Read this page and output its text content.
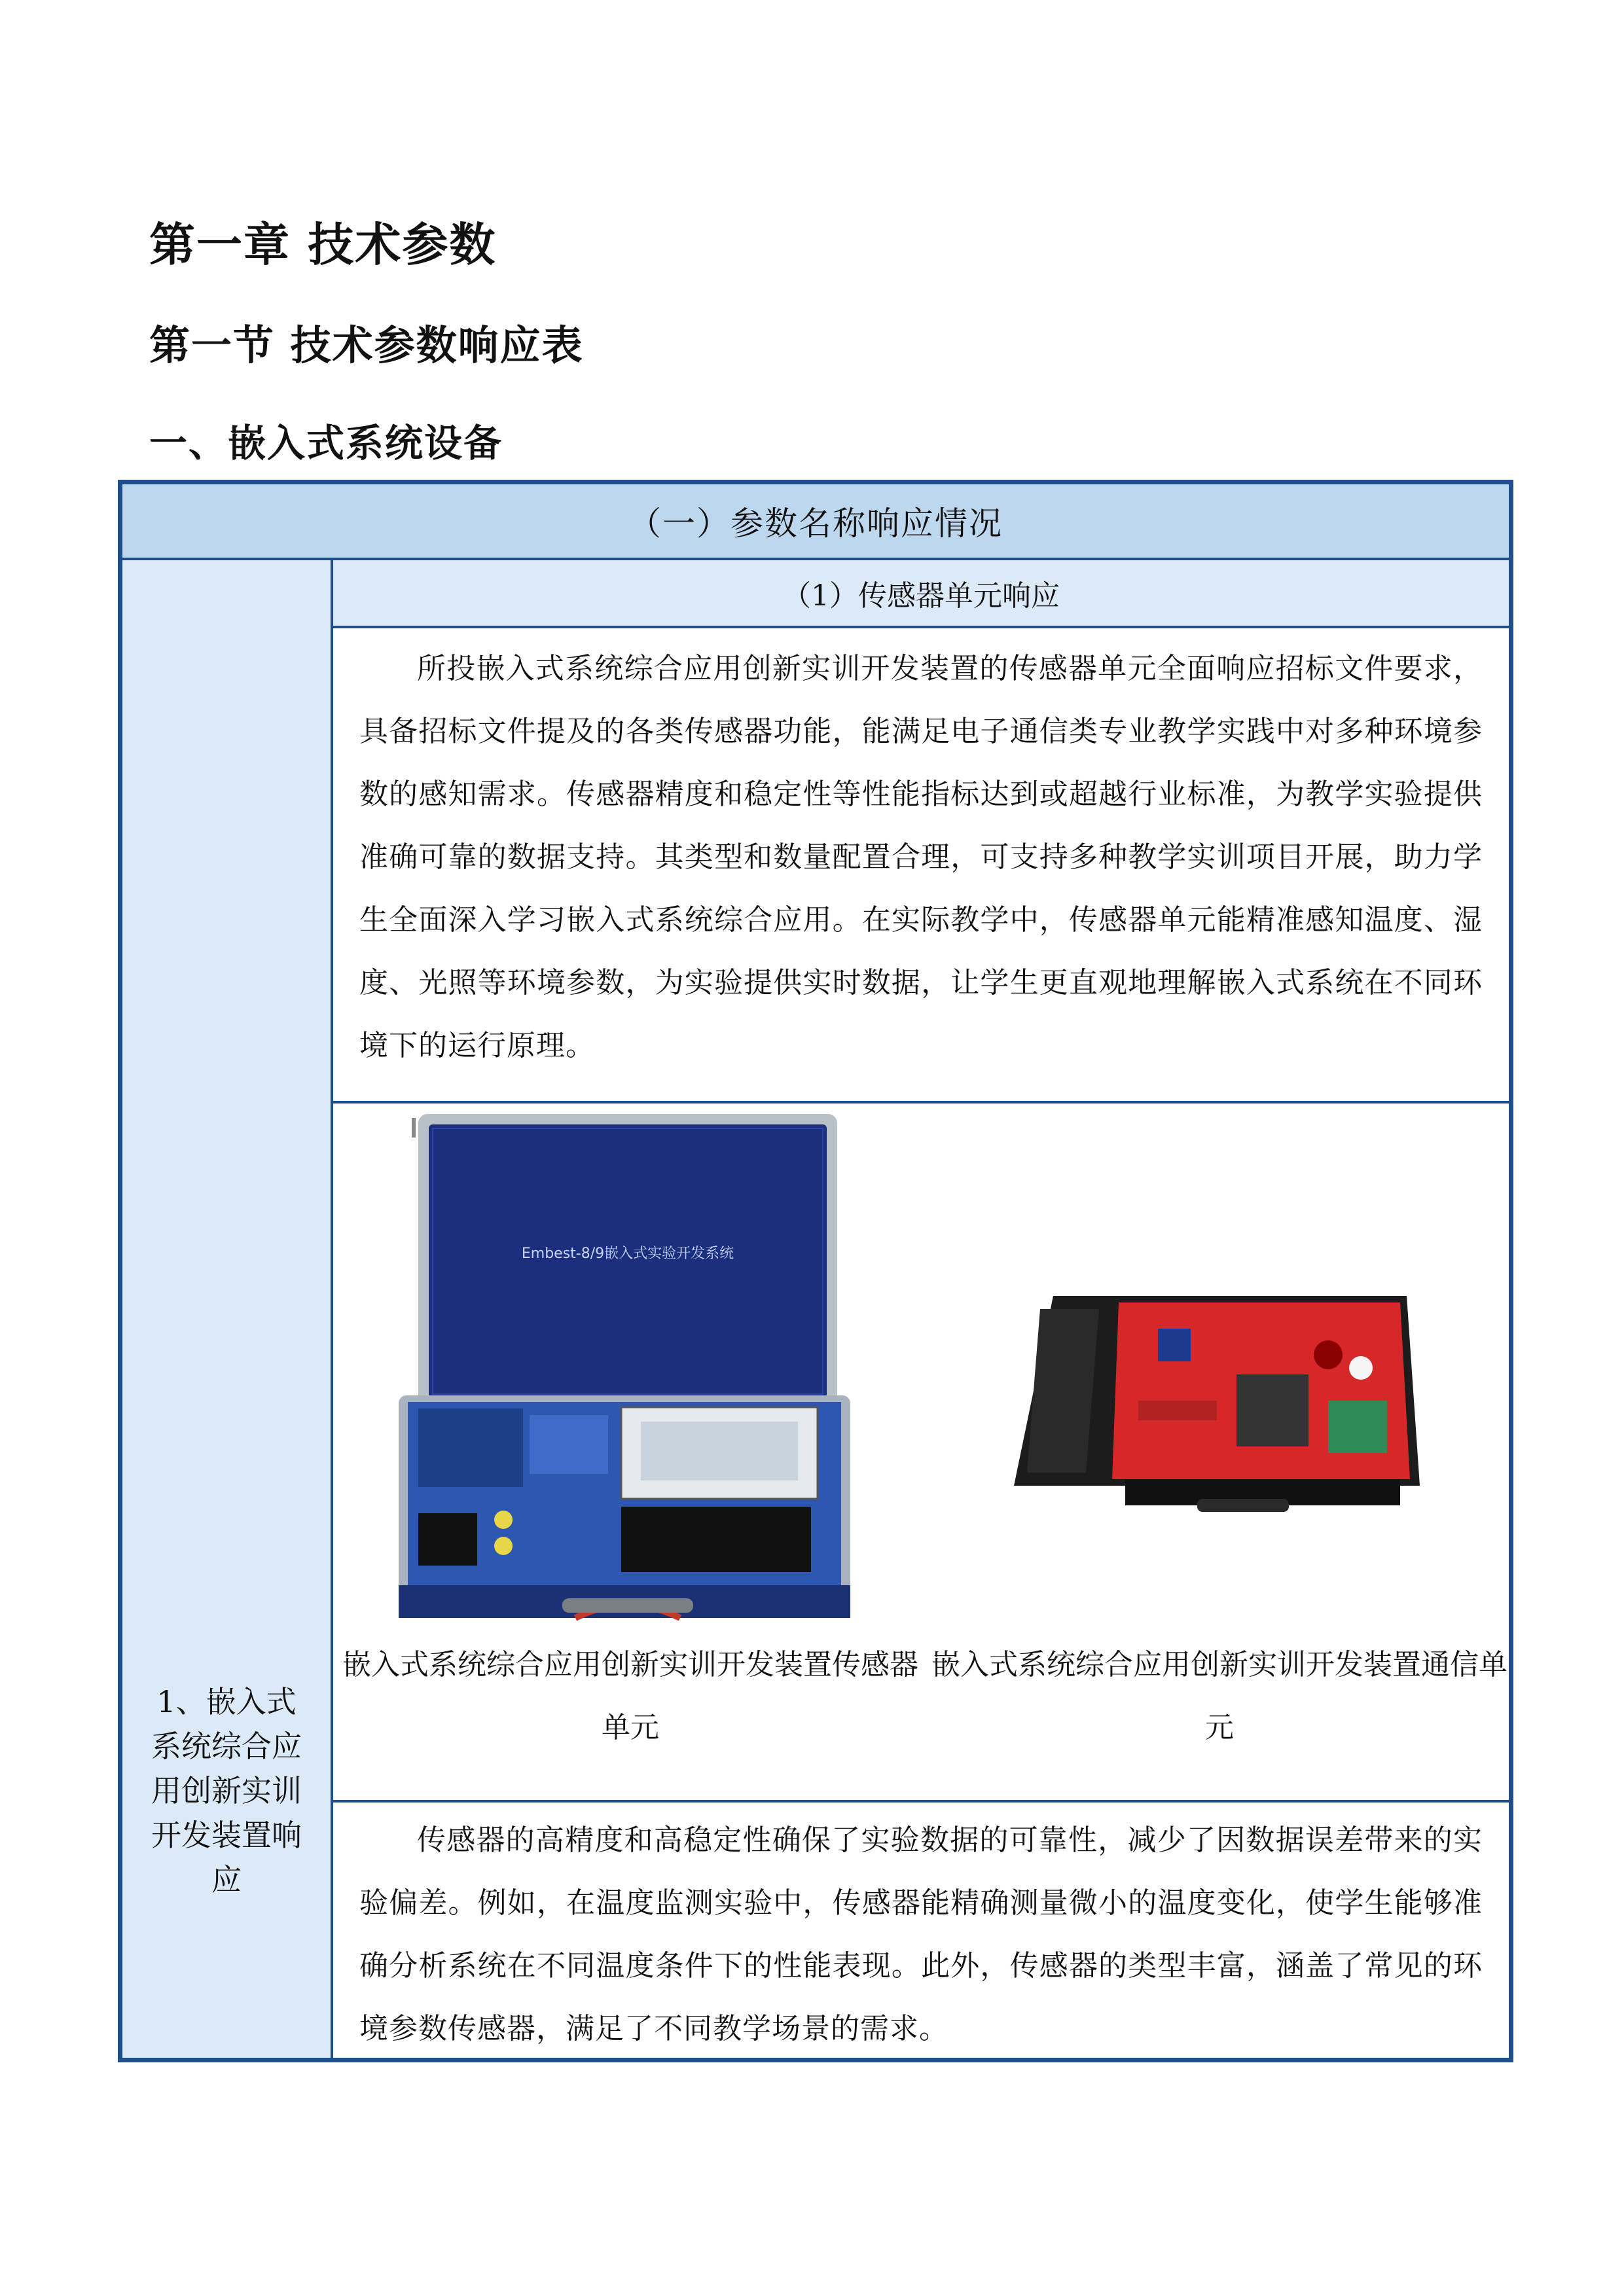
第一章 技术参数
第一节 技术参数响应表
一、嵌入式系统设备
（一）参数名称响应情况

1、嵌入式系统综合应用创新实训开发装置响应

（1）传感器单元响应

所投嵌入式系统综合应用创新实训开发装置的传感器单元全面响应招标文件要求，具备招标文件提及的各类传感器功能，能满足电子通信类专业教学实践中对多种环境参数的感知需求。传感器精度和稳定性等性能指标达到或超越行业标准，为教学实验提供准确可靠的数据支持。其类型和数量配置合理，可支持多种教学实训项目开展，助力学生全面深入学习嵌入式系统综合应用。在实际教学中，传感器单元能精准感知温度、湿度、光照等环境参数，为实验提供实时数据，让学生更直观地理解嵌入式系统在不同环境下的运行原理。

Embest-8/9嵌入式实验开发系统

嵌入式系统综合应用创新实训开发装置传感器单元

嵌入式系统综合应用创新实训开发装置通信单元

传感器的高精度和高稳定性确保了实验数据的可靠性，减少了因数据误差带来的实验偏差。例如，在温度监测实验中，传感器能精确测量微小的温度变化，使学生能够准确分析系统在不同温度条件下的性能表现。此外，传感器的类型丰富，涵盖了常见的环境参数传感器，满足了不同教学场景的需求。
